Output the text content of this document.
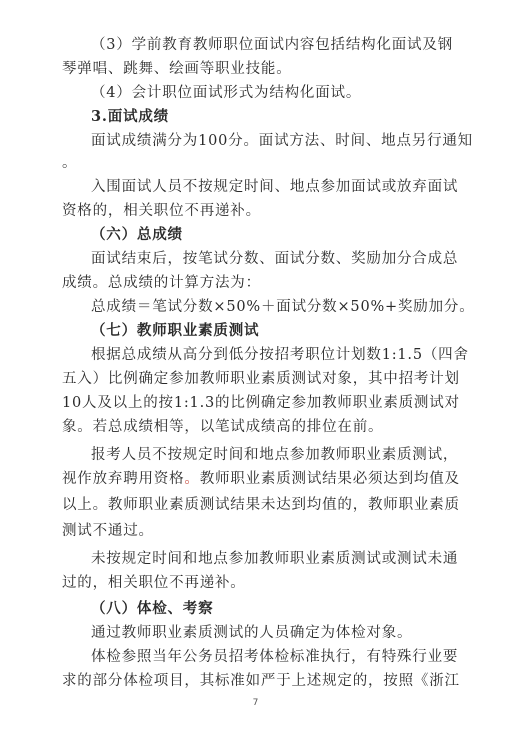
（3）学前教育教师职位面试内容包括结构化面试及钢
琴弹唱、跳舞、绘画等职业技能。
（4）会计职位面试形式为结构化面试。
3.面试成绩
面试成绩满分为100分。面试方法、时间、地点另行通知
。
入围面试人员不按规定时间、地点参加面试或放弃面试
资格的，相关职位不再递补。
（六）总成绩
面试结束后，按笔试分数、面试分数、奖励加分合成总
成绩。总成绩的计算方法为：
总成绩＝笔试分数×50%＋面试分数×50%+奖励加分。
（七）教师职业素质测试
根据总成绩从高分到低分按招考职位计划数1:1.5（四舍
五入）比例确定参加教师职业素质测试对象，其中招考计划
10人及以上的按1:1.3的比例确定参加教师职业素质测试对
象。若总成绩相等，以笔试成绩高的排位在前。
报考人员不按规定时间和地点参加教师职业素质测试，
视作放弃聘用资格。教师职业素质测试结果必须达到均值及
以上。教师职业素质测试结果未达到均值的，教师职业素质
测试不通过。
未按规定时间和地点参加教师职业素质测试或测试未通
过的，相关职位不再递补。
（八）体检、考察
通过教师职业素质测试的人员确定为体检对象。
体检参照当年公务员招考体检标准执行，有特殊行业要
求的部分体检项目，其标准如严于上述规定的，按照《浙江
7
